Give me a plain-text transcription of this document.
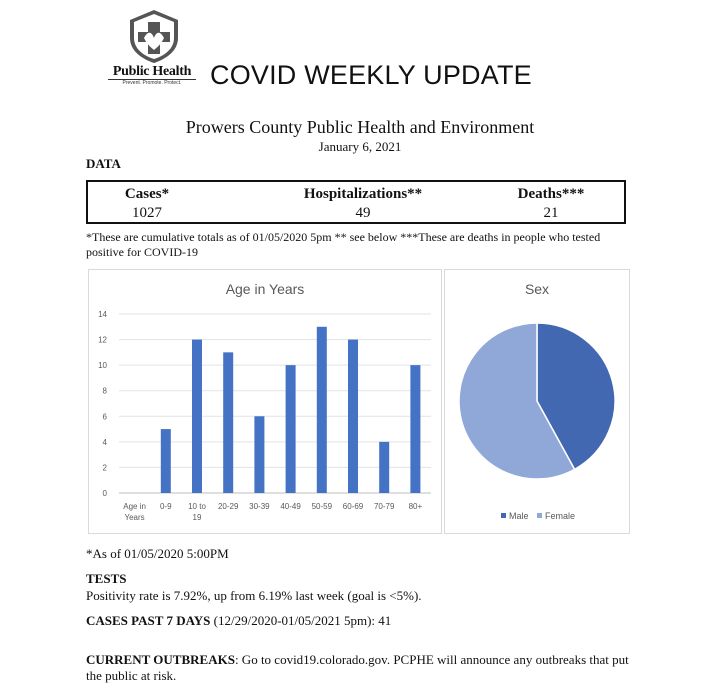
Public Health
Prevent. Promote. Protect.	COVID WEEKLY UPDATE
Prowers County Public Health and Environment
January 6, 2021
DATA
Cases*
1027
Hospitalizations**
49
Deaths***
21
*These are cumulative totals as of 01/05/2020 5pm ** see below ***These are deaths in people who tested positive for COVID-19
Age in Years
0
2
4
6
8
10
12
14
Age in
Years
0-9 10 to
19
20-29 30-39 40-49 50-59 60-69 70-79 80+
Sex
Male Female
*As of 01/05/2020 5:00PM
TESTS
Positivity rate is 7.92%, up from 6.19% last week (goal is <5%).
CASES PAST 7 DAYS (12/29/2020-01/05/2021 5pm): 41
CURRENT OUTBREAKS: Go to covid19.colorado.gov. PCPHE will announce any outbreaks that put the public at risk.
